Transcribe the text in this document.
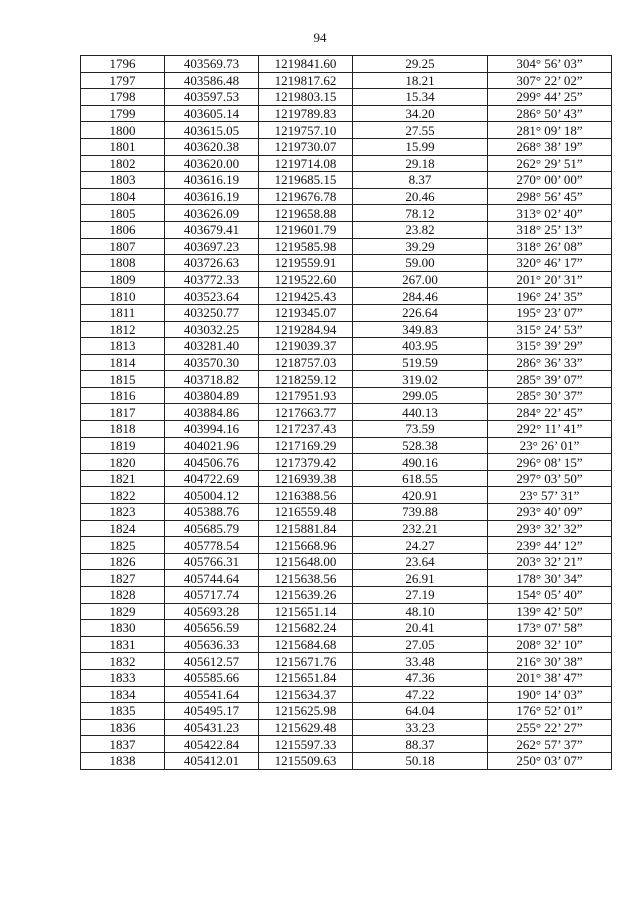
94
1796	403569.73	1219841.60	29.25	304° 56’ 03”
1797	403586.48	1219817.62	18.21	307° 22’ 02”
1798	403597.53	1219803.15	15.34	299° 44’ 25”
1799	403605.14	1219789.83	34.20	286° 50’ 43”
1800	403615.05	1219757.10	27.55	281° 09’ 18”
1801	403620.38	1219730.07	15.99	268° 38’ 19”
1802	403620.00	1219714.08	29.18	262° 29’ 51”
1803	403616.19	1219685.15	8.37	270° 00’ 00”
1804	403616.19	1219676.78	20.46	298° 56’ 45”
1805	403626.09	1219658.88	78.12	313° 02’ 40”
1806	403679.41	1219601.79	23.82	318° 25’ 13”
1807	403697.23	1219585.98	39.29	318° 26’ 08”
1808	403726.63	1219559.91	59.00	320° 46’ 17”
1809	403772.33	1219522.60	267.00	201° 20’ 31”
1810	403523.64	1219425.43	284.46	196° 24’ 35”
1811	403250.77	1219345.07	226.64	195° 23’ 07”
1812	403032.25	1219284.94	349.83	315° 24’ 53”
1813	403281.40	1219039.37	403.95	315° 39’ 29”
1814	403570.30	1218757.03	519.59	286° 36’ 33”
1815	403718.82	1218259.12	319.02	285° 39’ 07”
1816	403804.89	1217951.93	299.05	285° 30’ 37”
1817	403884.86	1217663.77	440.13	284° 22’ 45”
1818	403994.16	1217237.43	73.59	292° 11’ 41”
1819	404021.96	1217169.29	528.38	23° 26’ 01”
1820	404506.76	1217379.42	490.16	296° 08’ 15”
1821	404722.69	1216939.38	618.55	297° 03’ 50”
1822	405004.12	1216388.56	420.91	23° 57’ 31”
1823	405388.76	1216559.48	739.88	293° 40’ 09”
1824	405685.79	1215881.84	232.21	293° 32’ 32”
1825	405778.54	1215668.96	24.27	239° 44’ 12”
1826	405766.31	1215648.00	23.64	203° 32’ 21”
1827	405744.64	1215638.56	26.91	178° 30’ 34”
1828	405717.74	1215639.26	27.19	154° 05’ 40”
1829	405693.28	1215651.14	48.10	139° 42’ 50”
1830	405656.59	1215682.24	20.41	173° 07’ 58”
1831	405636.33	1215684.68	27.05	208° 32’ 10”
1832	405612.57	1215671.76	33.48	216° 30’ 38”
1833	405585.66	1215651.84	47.36	201° 38’ 47”
1834	405541.64	1215634.37	47.22	190° 14’ 03”
1835	405495.17	1215625.98	64.04	176° 52’ 01”
1836	405431.23	1215629.48	33.23	255° 22’ 27”
1837	405422.84	1215597.33	88.37	262° 57’ 37”
1838	405412.01	1215509.63	50.18	250° 03’ 07”
